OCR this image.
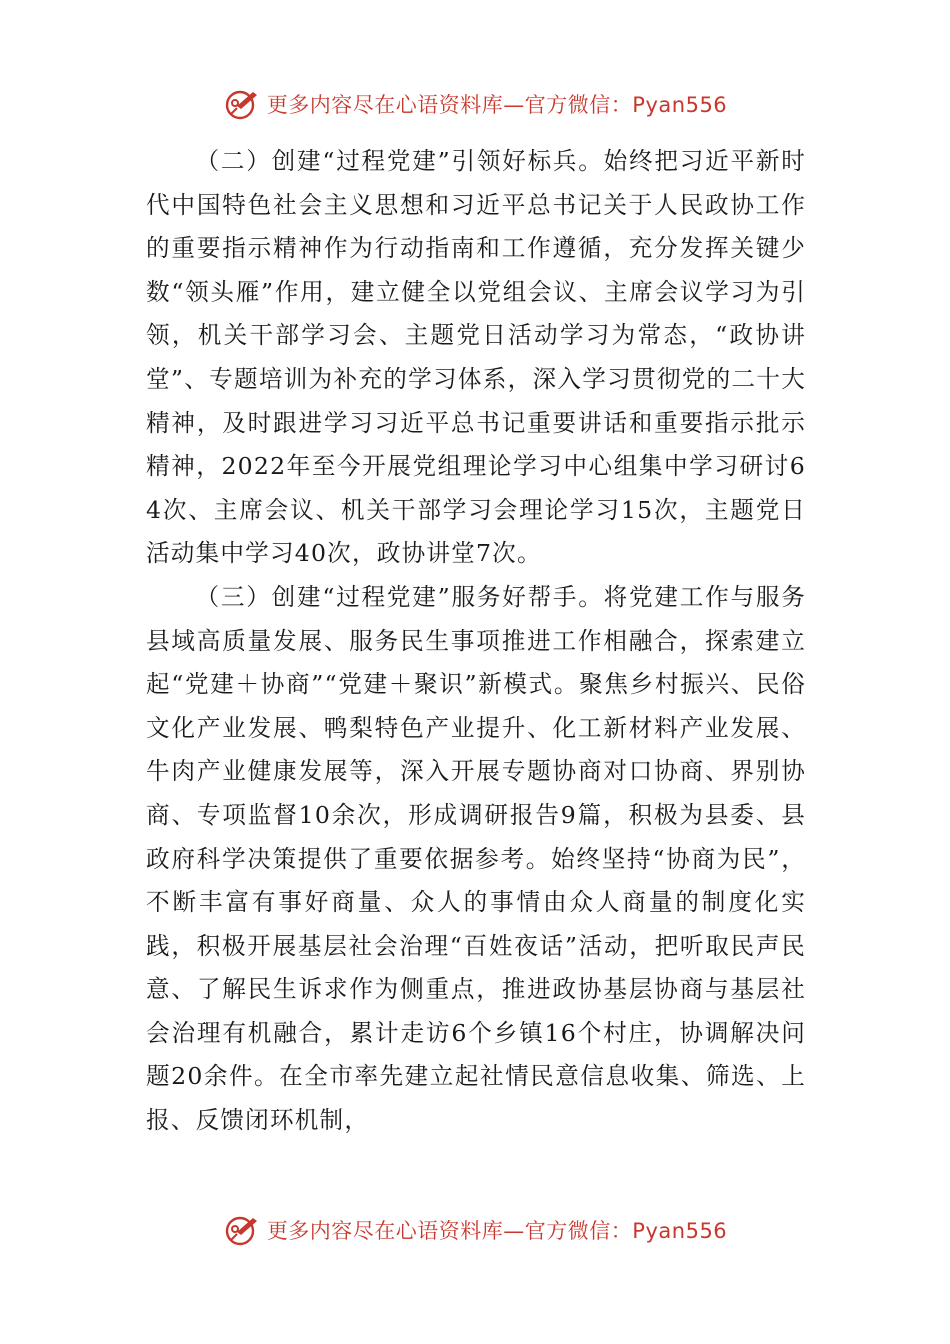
更多内容尽在心语资料库—官方微信：Pyan556

（二）创建“过程党建”引领好标兵。始终把习近平新时代中国特色社会主义思想和习近平总书记关于人民政协工作的重要指示精神作为行动指南和工作遵循，充分发挥关键少数“领头雁”作用，建立健全以党组会议、主席会议学习为引领，机关干部学习会、主题党日活动学习为常态，“政协讲堂”、专题培训为补充的学习体系，深入学习贯彻党的二十大精神，及时跟进学习习近平总书记重要讲话和重要指示批示精神，2022年至今开展党组理论学习中心组集中学习研讨64次、主席会议、机关干部学习会理论学习15次，主题党日活动集中学习40次，政协讲堂7次。

（三）创建“过程党建”服务好帮手。将党建工作与服务县域高质量发展、服务民生事项推进工作相融合，探索建立起“党建＋协商”“党建＋聚识”新模式。聚焦乡村振兴、民俗文化产业发展、鸭梨特色产业提升、化工新材料产业发展、牛肉产业健康发展等，深入开展专题协商对口协商、界别协商、专项监督10余次，形成调研报告9篇，积极为县委、县政府科学决策提供了重要依据参考。始终坚持“协商为民”，不断丰富有事好商量、众人的事情由众人商量的制度化实践，积极开展基层社会治理“百姓夜话”活动，把听取民声民意、了解民生诉求作为侧重点，推进政协基层协商与基层社会治理有机融合，累计走访6个乡镇16个村庄，协调解决问题20余件。在全市率先建立起社情民意信息收集、筛选、上报、反馈闭环机制，

更多内容尽在心语资料库—官方微信：Pyan556
